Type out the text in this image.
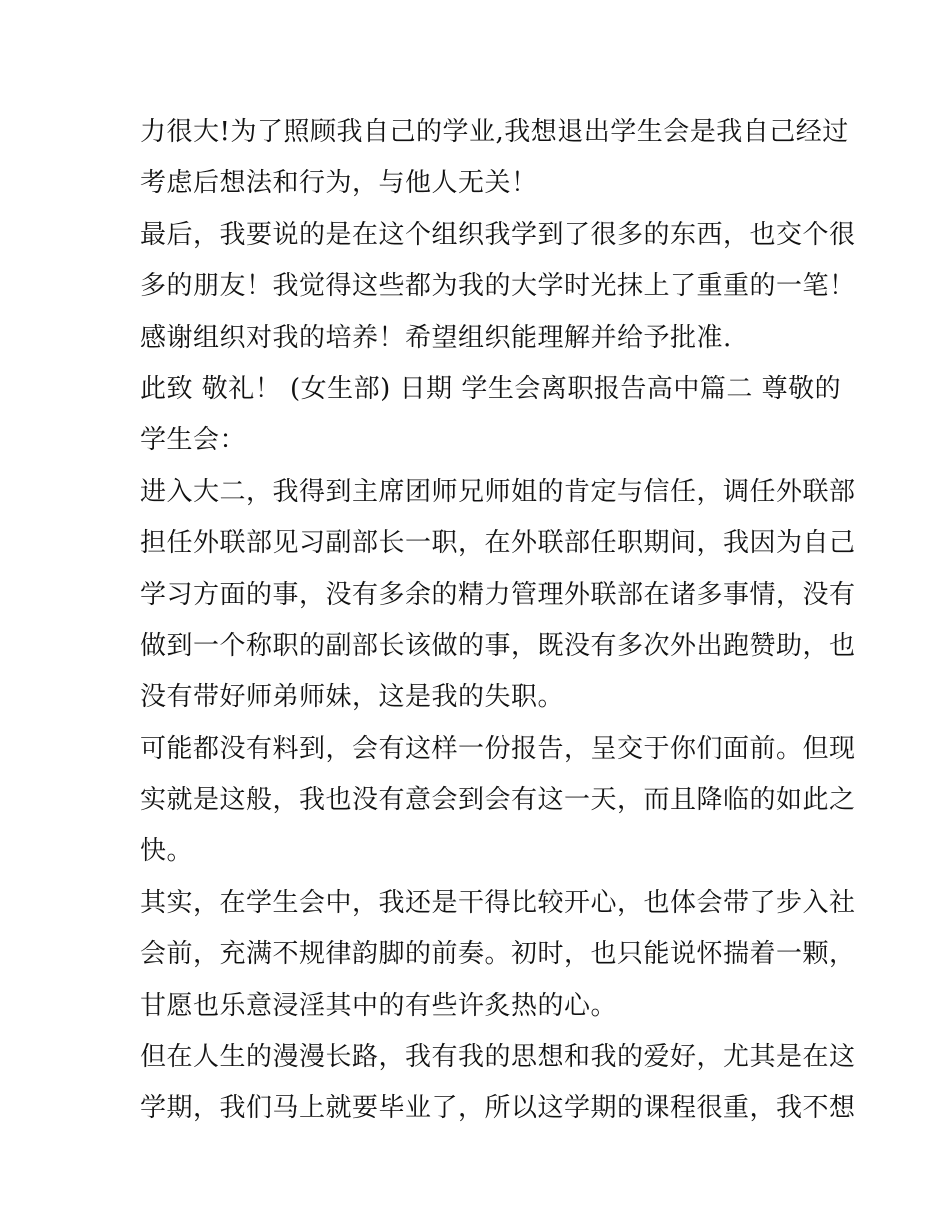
力很大!为了照顾我自己的学业,我想退出学生会是我自己经过
考虑后想法和行为，与他人无关！
最后，我要说的是在这个组织我学到了很多的东西，也交个很
多的朋友！我觉得这些都为我的大学时光抹上了重重的一笔！
感谢组织对我的培养！希望组织能理解并给予批准.
此致 敬礼！ (女生部) 日期 学生会离职报告高中篇二 尊敬的
学生会：
进入大二，我得到主席团师兄师姐的肯定与信任，调任外联部
担任外联部见习副部长一职，在外联部任职期间，我因为自己
学习方面的事，没有多余的精力管理外联部在诸多事情，没有
做到一个称职的副部长该做的事，既没有多次外出跑赞助，也
没有带好师弟师妹，这是我的失职。
可能都没有料到，会有这样一份报告，呈交于你们面前。但现
实就是这般，我也没有意会到会有这一天，而且降临的如此之
快。
其实，在学生会中，我还是干得比较开心，也体会带了步入社
会前，充满不规律韵脚的前奏。初时，也只能说怀揣着一颗，
甘愿也乐意浸淫其中的有些许炙热的心。
但在人生的漫漫长路，我有我的思想和我的爱好，尤其是在这
学期，我们马上就要毕业了，所以这学期的课程很重，我不想
